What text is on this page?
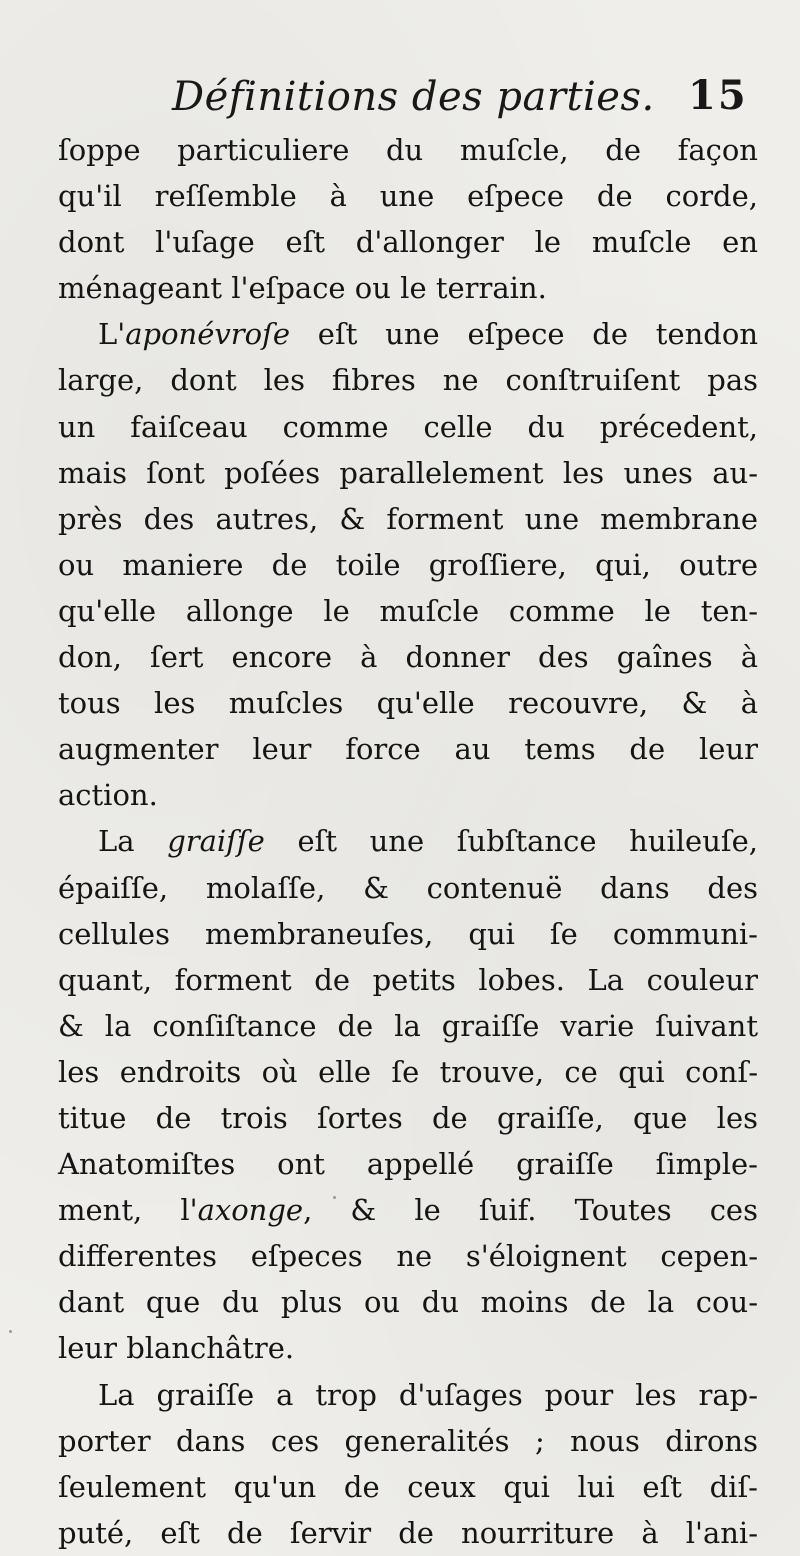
Définitions des parties. 15
ſoppe particuliere du muſcle, de façon
qu'il reſſemble à une eſpece de corde,
dont l'uſage eſt d'allonger le muſcle en
ménageant l'eſpace ou le terrain.
L'aponévroſe eſt une eſpece de tendon
large, dont les fibres ne conſtruiſent pas
un faiſceau comme celle du précedent,
mais ſont poſées parallelement les unes au-
près des autres, & forment une membrane
ou maniere de toile groſſiere, qui, outre
qu'elle allonge le muſcle comme le ten-
don, ſert encore à donner des gaînes à
tous les muſcles qu'elle recouvre, & à
augmenter leur force au tems de leur
action.
La graiſſe eſt une ſubſtance huileuſe,
épaiſſe, molaſſe, & contenuë dans des
cellules membraneuſes, qui ſe communi-
quant, forment de petits lobes. La couleur
& la conſiſtance de la graiſſe varie ſuivant
les endroits où elle ſe trouve, ce qui conſ-
titue de trois ſortes de graiſſe, que les
Anatomiſtes ont appellé graiſſe ſimple-
ment, l'axonge, & le ſuif. Toutes ces
differentes eſpeces ne s'éloignent cepen-
dant que du plus ou du moins de la cou-
leur blanchâtre.
La graiſſe a trop d'uſages pour les rap-
porter dans ces generalités ; nous dirons
ſeulement qu'un de ceux qui lui eſt diſ-
puté, eſt de ſervir de nourriture à l'ani-
